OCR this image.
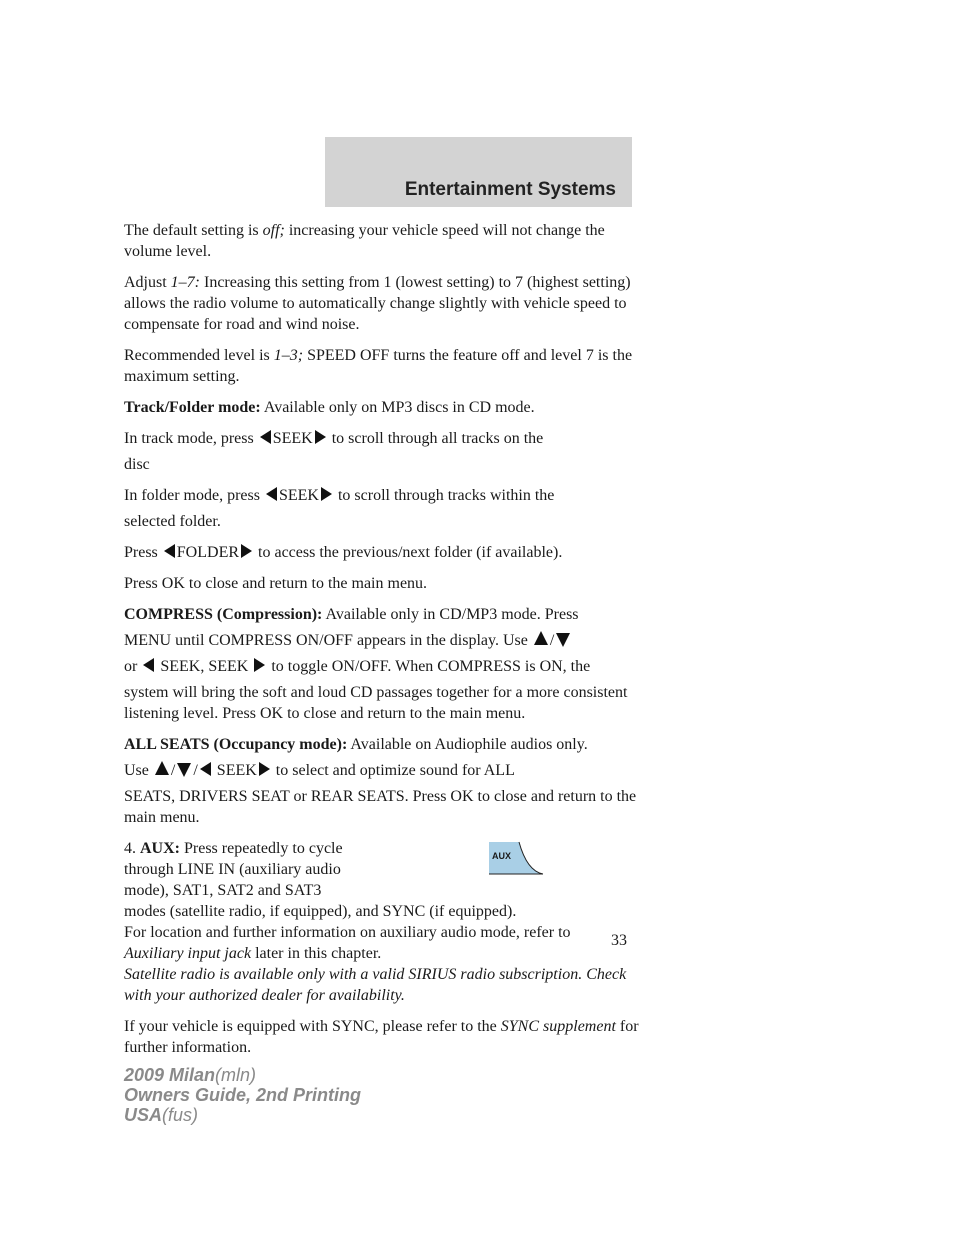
Entertainment Systems

The default setting is off; increasing your vehicle speed will not change the volume level.

Adjust 1–7: Increasing this setting from 1 (lowest setting) to 7 (highest setting) allows the radio volume to automatically change slightly with vehicle speed to compensate for road and wind noise.

Recommended level is 1–3; SPEED OFF turns the feature off and level 7 is the maximum setting.

Track/Folder mode: Available only on MP3 discs in CD mode.

In track mode, press SEEK to scroll through all tracks on the

disc

In folder mode, press SEEK to scroll through tracks within the

selected folder.

Press FOLDER to access the previous/next folder (if available).

Press OK to close and return to the main menu.

COMPRESS (Compression): Available only in CD/MP3 mode. Press

MENU until COMPRESS ON/OFF appears in the display. Use /

or  SEEK, SEEK  to toggle ON/OFF. When COMPRESS is ON, the

system will bring the soft and loud CD passages together for a more consistent listening level. Press OK to close and return to the main menu.

ALL SEATS (Occupancy mode): Available on Audiophile audios only.

Use / / SEEK to select and optimize sound for ALL

SEATS, DRIVERS SEAT or REAR SEATS. Press OK to close and return to the main menu.

4. AUX: Press repeatedly to cycle through LINE IN (auxiliary audio mode), SAT1, SAT2 and SAT3
AUX
modes (satellite radio, if equipped), and SYNC (if equipped).
For location and further information on auxiliary audio mode, refer to
Auxiliary input jack later in this chapter.

Satellite radio is available only with a valid SIRIUS radio subscription. Check with your authorized dealer for availability.

If your vehicle is equipped with SYNC, please refer to the SYNC supplement for further information.

33
2009 Milan(mln)
Owners Guide, 2nd Printing
USA(fus)
